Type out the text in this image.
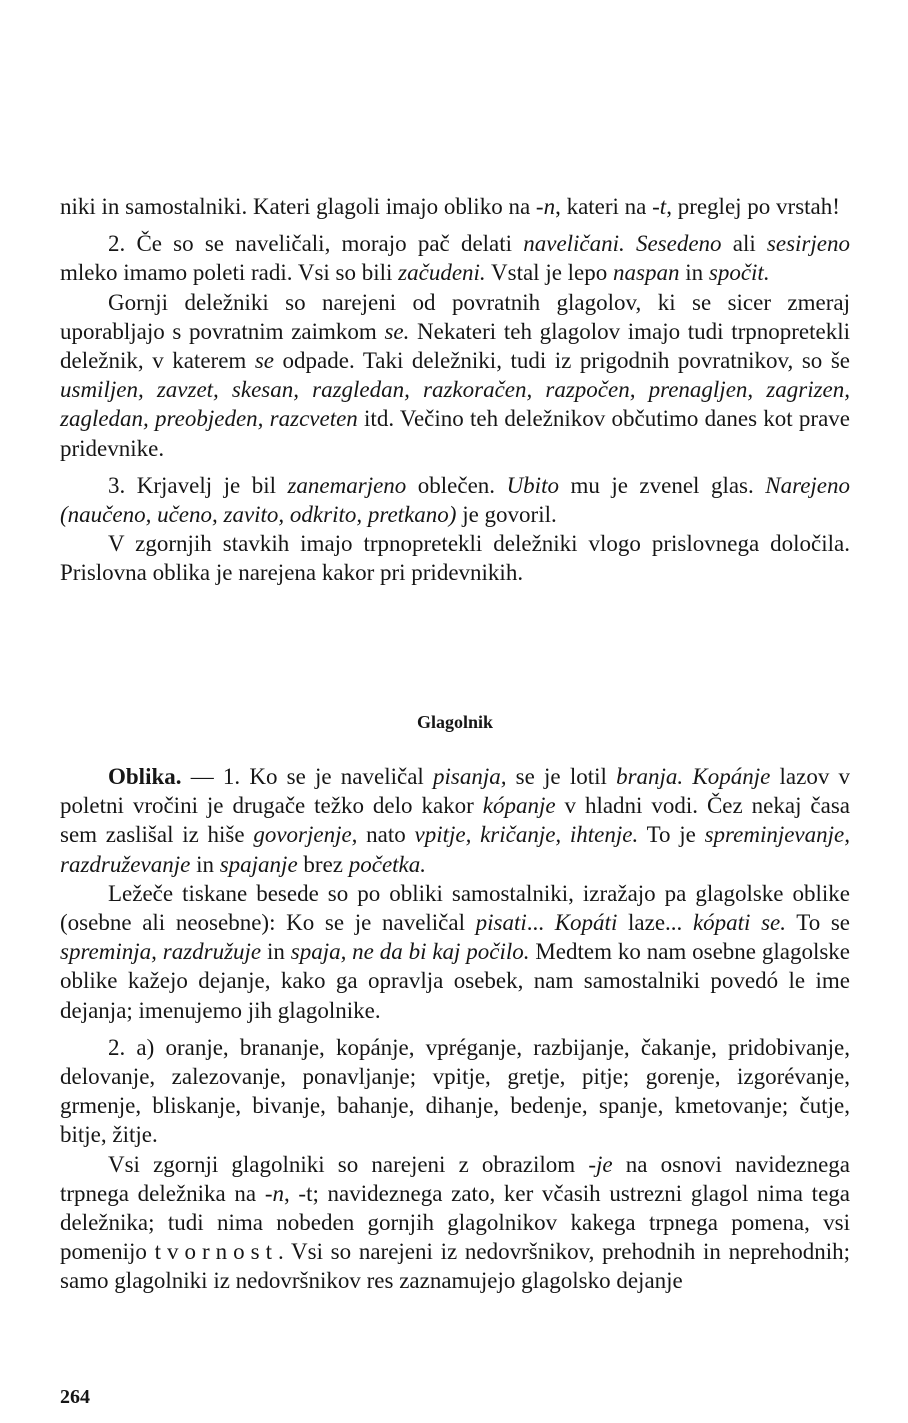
niki in samostalniki. Kateri glagoli imajo obliko na -n, kateri na -t, preglej po vrstah!

2. Če so se naveličali, morajo pač delati naveličani. Sesedeno ali sesirjeno mleko imamo poleti radi. Vsi so bili začudeni. Vstal je lepo naspan in spočit.

Gornji deležniki so narejeni od povratnih glagolov, ki se sicer zmeraj uporabljajo s povratnim zaimkom se. Nekateri teh glagolov imajo tudi trpnopretekli deležnik, v katerem se odpade. Taki deležniki, tudi iz prigodnih povratnikov, so še usmiljen, zavzet, skesan, razgledan, razkoračen, razpočen, prenagljen, zagrizen, zagledan, preobjeden, razcveten itd. Večino teh deležnikov občutimo danes kot prave pridevnike.

3. Krjavelj je bil zanemarjeno oblečen. Ubito mu je zvenel glas. Narejeno (naučeno, učeno, zavito, odkrito, pretkano) je govoril.

V zgornjih stavkih imajo trpnopretekli deležniki vlogo prislovnega določila. Prislovna oblika je narejena kakor pri pridevnikih.

Glagolnik

Oblika. — 1. Ko se je naveličal pisanja, se je lotil branja. Kopánje lazov v poletni vročini je drugače težko delo kakor kópanje v hladni vodi. Čez nekaj časa sem zaslišal iz hiše govorjenje, nato vpitje, kričanje, ihtenje. To je spreminjevanje, razdruževanje in spajanje brez početka.

Ležeče tiskane besede so po obliki samostalniki, izražajo pa glagolske oblike (osebne ali neosebne): Ko se je naveličal pisati... Kopáti laze... kópati se. To se spreminja, razdružuje in spaja, ne da bi kaj počilo. Medtem ko nam osebne glagolske oblike kažejo dejanje, kako ga opravlja osebek, nam samostalniki povedó le ime dejanja; imenujemo jih glagolnike.

2. a) oranje, brananje, kopánje, vpréganje, razbijanje, čakanje, pridobivanje, delovanje, zalezovanje, ponavljanje; vpitje, gretje, pitje; gorenje, izgorévanje, grmenje, bliskanje, bivanje, bahanje, dihanje, bedenje, spanje, kmetovanje; čutje, bitje, žitje.

Vsi zgornji glagolniki so narejeni z obrazilom -je na osnovi navideznega trpnega deležnika na -n, -t; navideznega zato, ker včasih ustrezni glagol nima tega deležnika; tudi nima nobeden gornjih glagolnikov kakega trpnega pomena, vsi pomenijo tvornost. Vsi so narejeni iz nedovršnikov, prehodnih in neprehodnih; samo glagolniki iz nedovršnikov res zaznamujejo glagolsko dejanje

264
